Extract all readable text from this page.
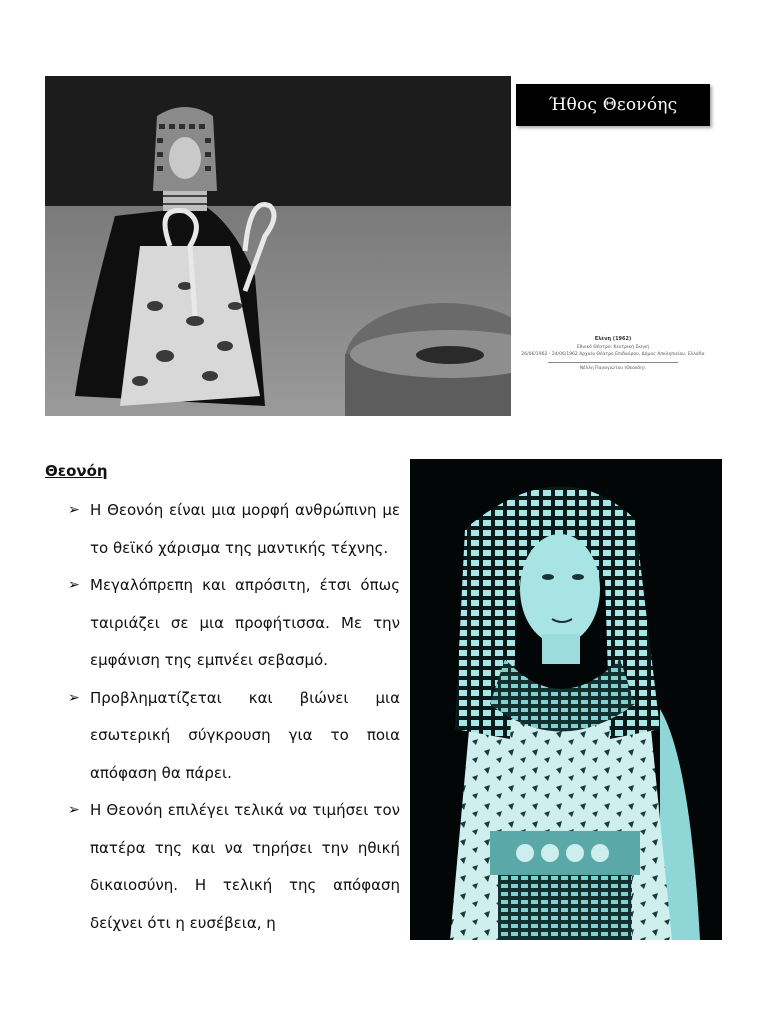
Ήθος Θεονόης
Ελένη (1962)
Εθνικό Θέατρο: Κεντρική Σκηνή
26/06/1962 - 24/06/1962 Αρχαίο Θέατρο Επιδαύρου, Δήμος Ασκληπιείου, Ελλάδα
Νέλλη Παναγιώτου (Θεονόη).
Θεονόη
➢ Η Θεονόη είναι μια μορφή ανθρώπινη με το θεϊκό χάρισμα της μαντικής τέχνης.
➢ Μεγαλόπρεπη και απρόσιτη, έτσι όπως ταιριάζει σε μια προφήτισσα. Με την εμφάνιση της εμπνέει σεβασμό.
➢ Προβληματίζεται και βιώνει μια εσωτερική σύγκρουση για το ποια απόφαση θα πάρει.
➢ Η Θεονόη επιλέγει τελικά να τιμήσει τον πατέρα της και να τηρήσει την ηθική δικαιοσύνη. Η τελική της απόφαση δείχνει ότι η ευσέβεια, η
